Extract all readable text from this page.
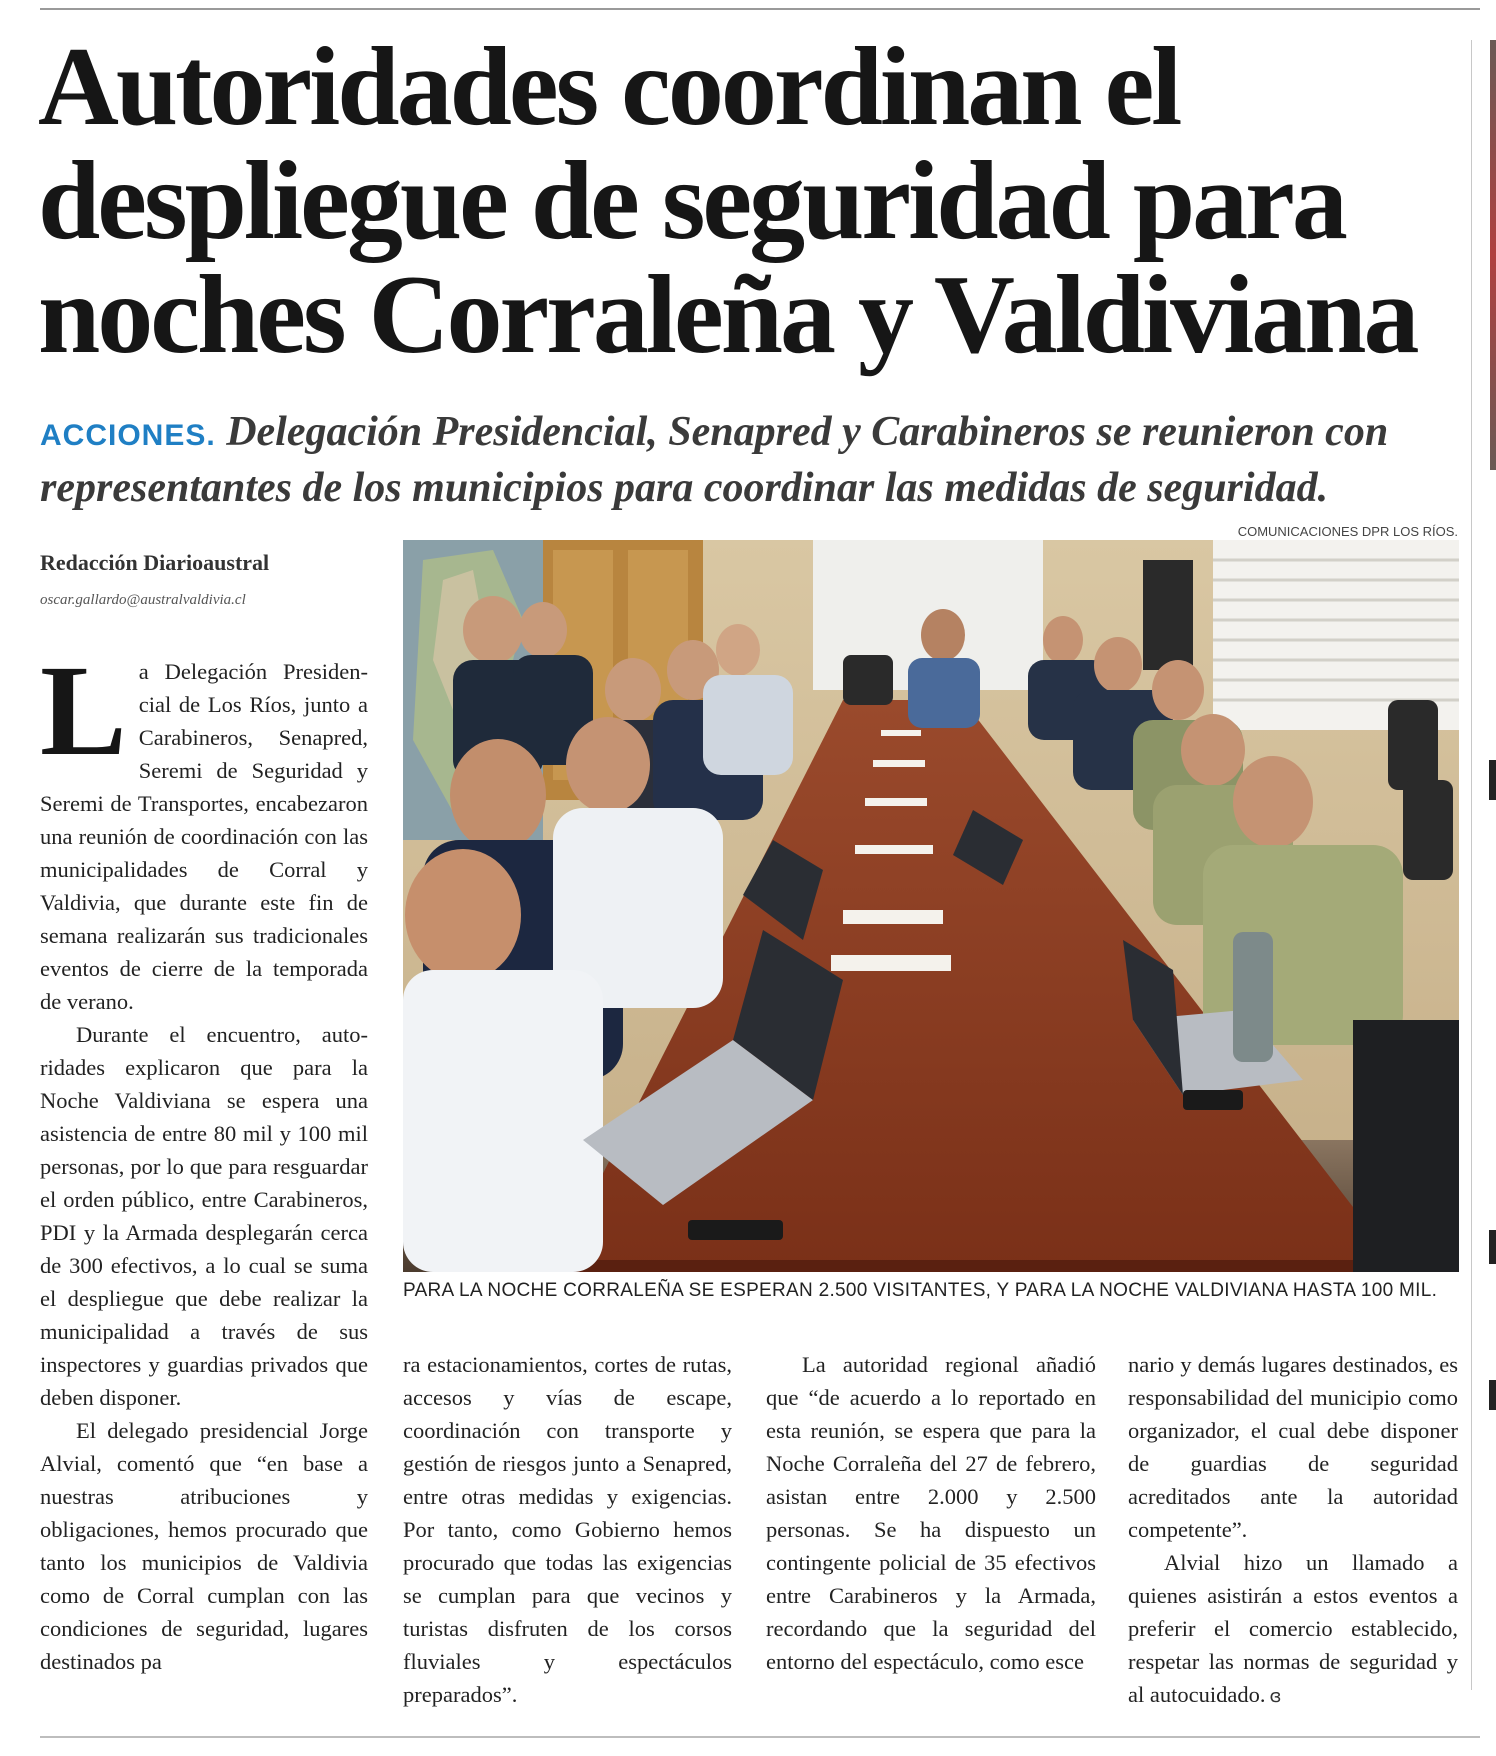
Autoridades coordinan el
despliegue de seguridad para
noches Corraleña y Valdiviana

ACCIONES. Delegación Presidencial, Senapred y Carabineros se reunieron con representantes de los municipios para coordinar las medidas de seguridad.

COMUNICACIONES DPR LOS RÍOS.
PARA LA NOCHE CORRALEÑA SE ESPERAN 2.500 VISITANTES, Y PARA LA NOCHE VALDIVIANA HASTA 100 MIL.
Redacción Diarioaustral
oscar.gallardo@australvaldivia.cl

La Delegación Presidencial de Los Ríos, junto a Carabineros, Senapred, Seremi de Seguridad y Seremi de Transportes, encabezaron una reunión de coordinación con las municipalidades de Corral y Valdivia, que durante este fin de semana realizarán sus tradicionales eventos de cierre de la temporada de verano.

Durante el encuentro, autoridades explicaron que para la Noche Valdiviana se espera una asistencia de entre 80 mil y 100 mil personas, por lo que para resguardar el orden público, entre Carabineros, PDI y la Armada desplegarán cerca de 300 efectivos, a lo cual se suma el despliegue que debe realizar la municipalidad a través de sus inspectores y guardias privados que deben disponer.

El delegado presidencial Jorge Alvial, comentó que “en base a nuestras atribuciones y obligaciones, hemos procurado que tanto los municipios de Valdivia como de Corral cumplan con las condiciones de seguridad, lugares destinados pa

ra estacionamientos, cortes de rutas, accesos y vías de escape, coordinación con transporte y gestión de riesgos junto a Senapred, entre otras medidas y exigencias. Por tanto, como Gobierno hemos procurado que todas las exigencias se cumplan para que vecinos y turistas disfruten de los corsos fluviales y espectáculos preparados”.

La autoridad regional añadió que “de acuerdo a lo reportado en esta reunión, se espera que para la Noche Corraleña del 27 de febrero, asistan entre 2.000 y 2.500 personas. Se ha dispuesto un contingente policial de 35 efectivos entre Carabineros y la Armada, recordando que la seguridad del entorno del espectáculo, como esce

nario y demás lugares destinados, es responsabilidad del municipio como organizador, el cual debe disponer de guardias de seguridad acreditados ante la autoridad competente”.

Alvial hizo un llamado a quienes asistirán a estos eventos a preferir el comercio establecido, respetar las normas de seguridad y al autocuidado. ɞ
